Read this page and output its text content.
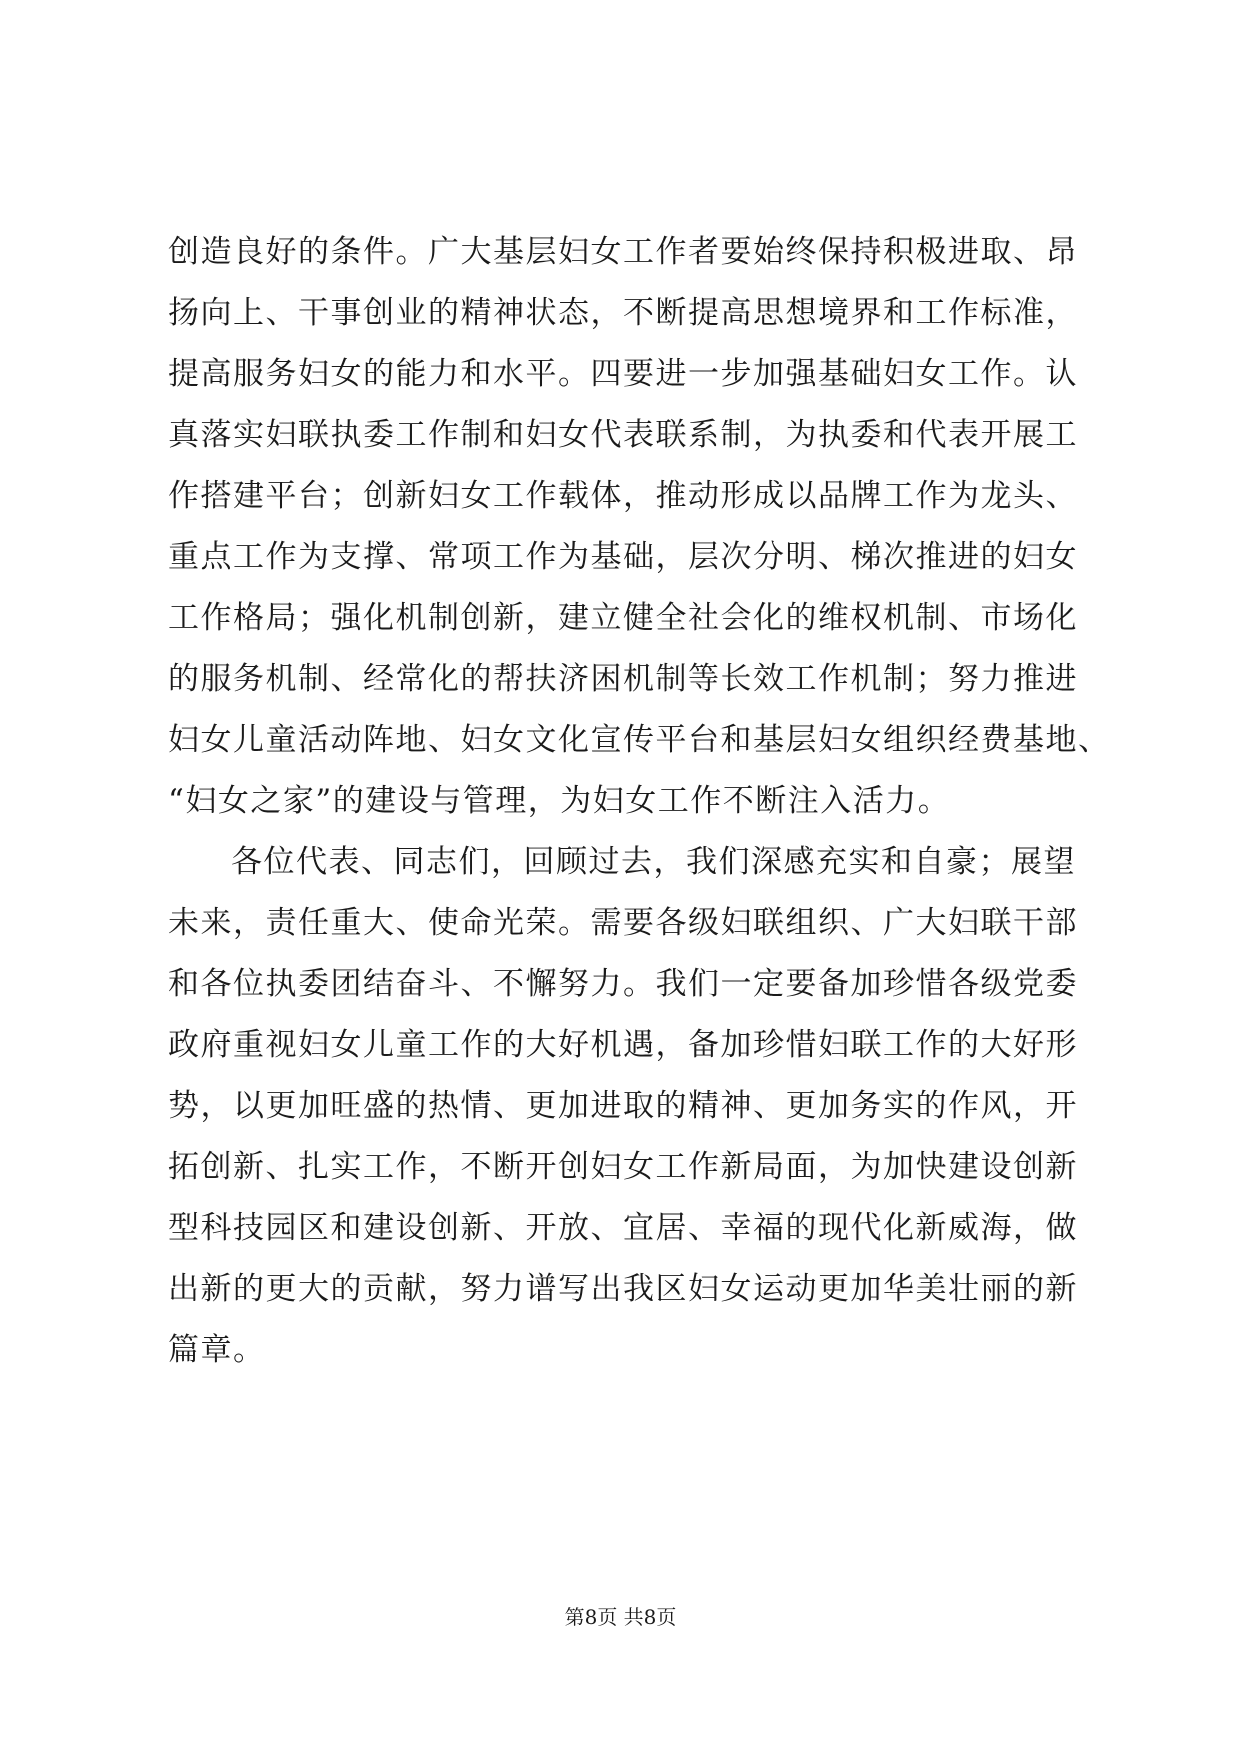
创造良好的条件。广大基层妇女工作者要始终保持积极进取、昂
扬向上、干事创业的精神状态，不断提高思想境界和工作标准，
提高服务妇女的能力和水平。四要进一步加强基础妇女工作。认
真落实妇联执委工作制和妇女代表联系制，为执委和代表开展工
作搭建平台；创新妇女工作载体，推动形成以品牌工作为龙头、
重点工作为支撑、常项工作为基础，层次分明、梯次推进的妇女
工作格局；强化机制创新，建立健全社会化的维权机制、市场化
的服务机制、经常化的帮扶济困机制等长效工作机制；努力推进
妇女儿童活动阵地、妇女文化宣传平台和基层妇女组织经费基地、
“妇女之家”的建设与管理，为妇女工作不断注入活力。
各位代表、同志们，回顾过去，我们深感充实和自豪；展望
未来，责任重大、使命光荣。需要各级妇联组织、广大妇联干部
和各位执委团结奋斗、不懈努力。我们一定要备加珍惜各级党委
政府重视妇女儿童工作的大好机遇，备加珍惜妇联工作的大好形
势，以更加旺盛的热情、更加进取的精神、更加务实的作风，开
拓创新、扎实工作，不断开创妇女工作新局面，为加快建设创新
型科技园区和建设创新、开放、宜居、幸福的现代化新威海，做
出新的更大的贡献，努力谱写出我区妇女运动更加华美壮丽的新
篇章。
第8页 共8页
